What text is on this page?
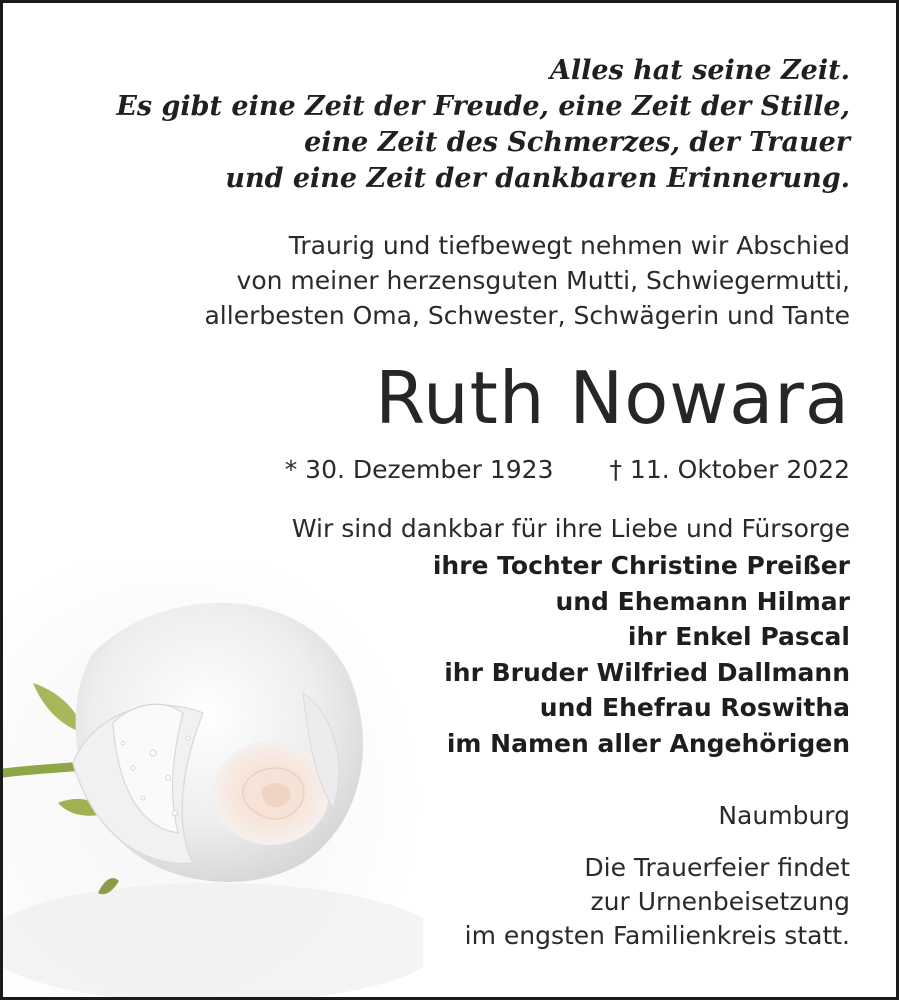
Alles hat seine Zeit.
Es gibt eine Zeit der Freude, eine Zeit der Stille,
eine Zeit des Schmerzes, der Trauer
und eine Zeit der dankbaren Erinnerung.
Traurig und tiefbewegt nehmen wir Abschied
von meiner herzensguten Mutti, Schwiegermutti,
allerbesten Oma, Schwester, Schwägerin und Tante
Ruth Nowara
* 30. Dezember 1923 † 11. Oktober 2022
Wir sind dankbar für ihre Liebe und Fürsorge
ihre Tochter Christine Preißer
und Ehemann Hilmar
ihr Enkel Pascal
ihr Bruder Wilfried Dallmann
und Ehefrau Roswitha
im Namen aller Angehörigen
Naumburg
Die Trauerfeier findet
zur Urnenbeisetzung
im engsten Familienkreis statt.
